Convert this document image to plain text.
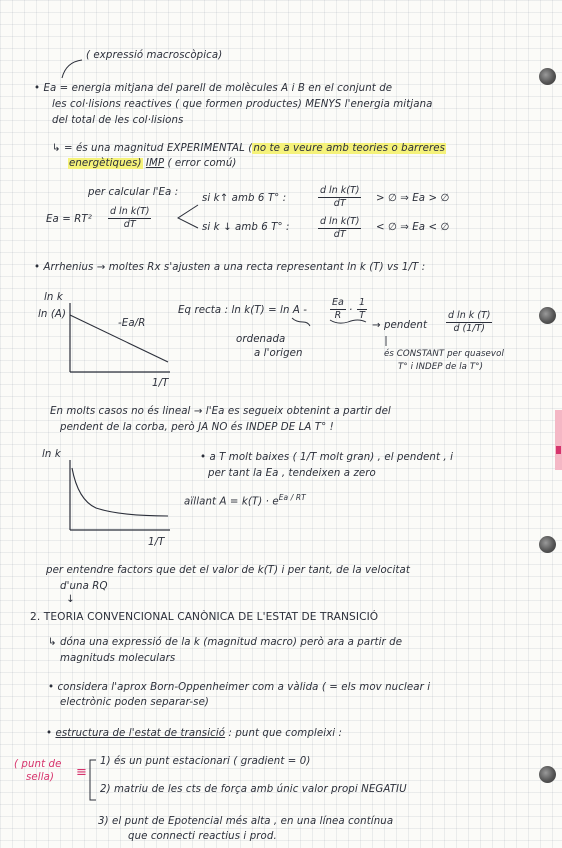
( expressió macroscòpica)
• Ea = energia mitjana del parell de molècules A i B en el conjunt de
les col·lisions reactives ( que formen productes) MENYS l'energia mitjana
del total de les col·lisions
↳ = és una magnitud EXPERIMENTAL (no te a veure amb teories o barreres
energètiques) IMP ( error comú)
per calcular l'Ea :
si k↑ amb 6 T° :	$\frac{\text{d ln k(T)}}{dT}$ > ∅ ⇒ Ea > ∅
$Ea = RT^2 \frac{\text{d ln k(T)}}{dT}$	si k ↓ amb 6 T° :	$\frac{\text{d ln k(T)}}{dT}$ < ∅ ⇒ Ea < ∅
• Arrhenius → moltes Rx s'ajusten a una recta representant ln k (T) vs 1/T :
ln k
ln (A)
-Ea/R
1/T
Eq recta : $\ln k(T) = \ln A - \frac{Ea}{R} \cdot \frac{1}{T}$
ordenada
a l'origen
→ pendent $\frac{\text{d ln k (T)}}{d (1/T)}$
és CONSTANT per quasevol
T° i INDEP de la T°)
En molts casos no és lineal → l'Ea es segueix obtenint a partir del
pendent de la corba, però JA NO és INDEP DE LA T° !
ln k
1/T
• a T molt baixes ( 1/T molt gran) , el pendent , i
per tant la Ea , tendeixen a zero
aïllant $A = k(T) \cdot e^{Ea / RT}$
per entendre factors que det el valor de k(T) i per tant, de la velocitat
d'una RQ
↓
2. TEORIA CONVENCIONAL CANÒNICA DE L'ESTAT DE TRANSICIÓ
↳ dóna una expressió de la k (magnitud macro) però ara a partir de
magnituds moleculars
• considera l'aprox Born-Oppenheimer com a vàlida ( = els mov nuclear i
electrònic poden separar-se)
• estructura de l'estat de transició : punt que compleixi :
( punt de
sella) ≡
1) és un punt estacionari ( gradient = 0)
2) matriu de les cts de força amb únic valor propi NEGATIU
3) el punt de Epotencial més alta , en una línea contínua
que connecti reactius i prod.
